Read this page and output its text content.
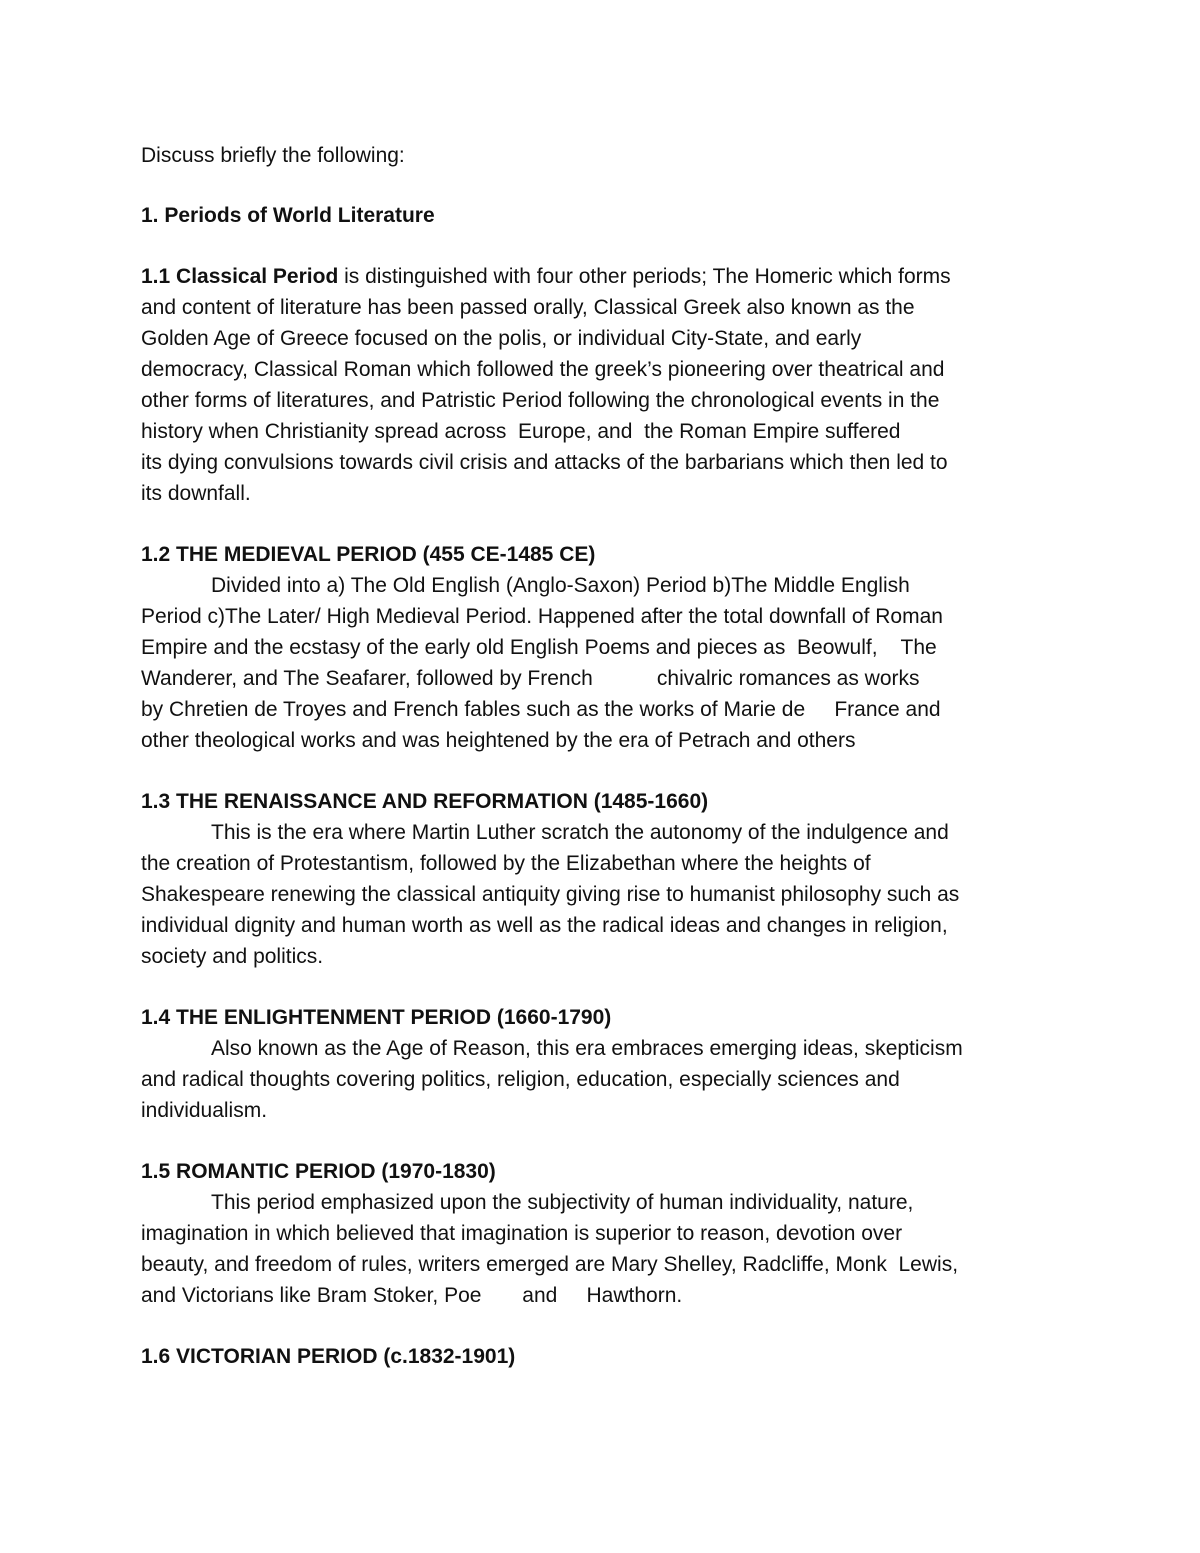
Discuss briefly the following:

1. Periods of World Literature

1.1 Classical Period is distinguished with four other periods; The Homeric which forms
and content of literature has been passed orally, Classical Greek also known as the
Golden Age of Greece focused on the polis, or individual City-State, and early
democracy, Classical Roman which followed the greek’s pioneering over theatrical and
other forms of literatures, and Patristic Period following the chronological events in the
history when Christianity spread across  Europe, and  the Roman Empire suffered
its dying convulsions towards civil crisis and attacks of the barbarians which then led to
its downfall.

1.2 THE MEDIEVAL PERIOD (455 CE-1485 CE)

Divided into a) The Old English (Anglo-Saxon) Period b)The Middle English
Period c)The Later/ High Medieval Period. Happened after the total downfall of Roman
Empire and the ecstasy of the early old English Poems and pieces as  Beowulf,    The
Wanderer, and The Seafarer, followed by French           chivalric romances as works
by Chretien de Troyes and French fables such as the works of Marie de     France and
other theological works and was heightened by the era of Petrach and others

1.3 THE RENAISSANCE AND REFORMATION (1485-1660)

This is the era where Martin Luther scratch the autonomy of the indulgence and
the creation of Protestantism, followed by the Elizabethan where the heights of
Shakespeare renewing the classical antiquity giving rise to humanist philosophy such as
individual dignity and human worth as well as the radical ideas and changes in religion,
society and politics.

1.4 THE ENLIGHTENMENT PERIOD (1660-1790)

Also known as the Age of Reason, this era embraces emerging ideas, skepticism
and radical thoughts covering politics, religion, education, especially sciences and
individualism.

1.5 ROMANTIC PERIOD (1970-1830)

This period emphasized upon the subjectivity of human individuality, nature,
imagination in which believed that imagination is superior to reason, devotion over
beauty, and freedom of rules, writers emerged are Mary Shelley, Radcliffe, Monk  Lewis,
and Victorians like Bram Stoker, Poe       and     Hawthorn.

1.6 VICTORIAN PERIOD (c.1832-1901)
